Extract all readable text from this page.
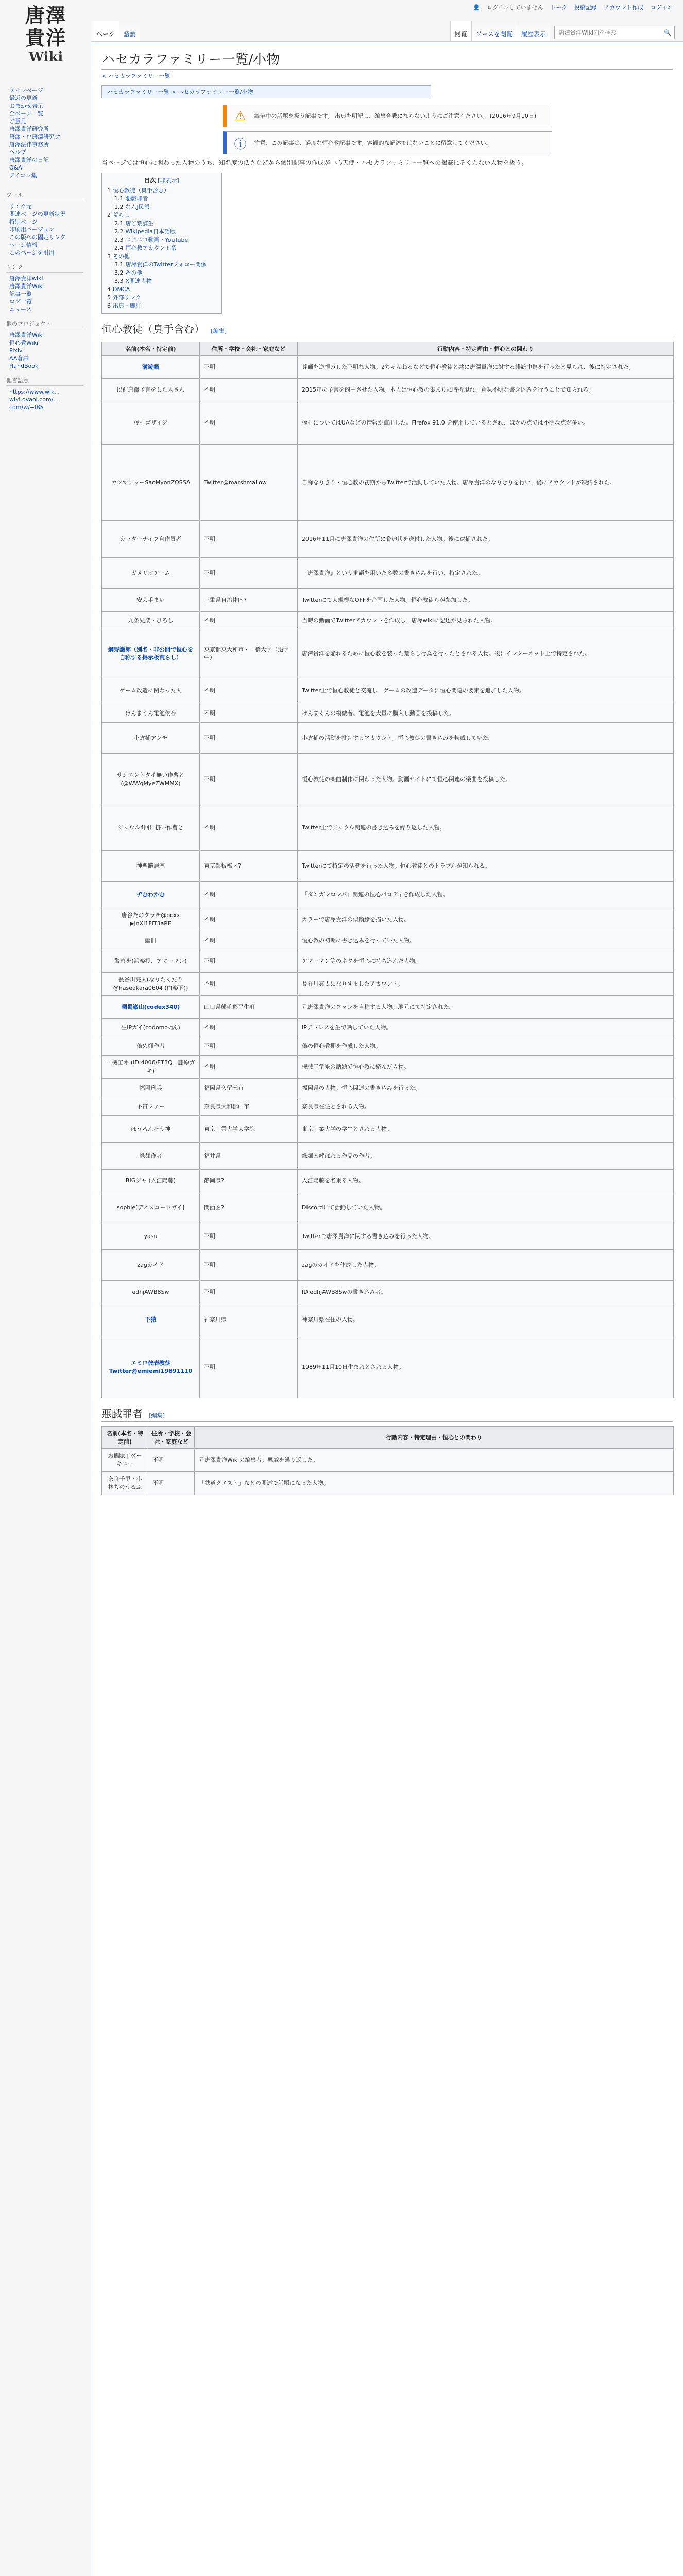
唐澤
貴洋
Wiki
メインページ
最近の更新
おまかせ表示
全ページ一覧
ご意見
唐澤貴洋研究所
唐澤・ロ唐澤研究会
唐澤法律事務所
ヘルプ
唐澤貴洋の日記
Q&A
アイコン集
ツール
リンク元
関連ページの更新状況
特別ページ
印刷用バージョン
この版への固定リンク
ページ情報
このページを引用
リンク
唐澤貴洋wiki
唐澤貴洋Wiki
記事一覧
ログ一覧
ニュース
他のプロジェクト
唐澤貴洋Wiki
恒心教Wiki
Pixiv
AA倉庫
HandBook
他言語版
https://www.wik...
wiki.ovaol.com/...
com/w/+IBS
👤 ログインしていません トーク 投稿記録 アカウント作成 ログイン
ページ	議論	閲覧	ソースを閲覧	履歴表示
唐澤貴洋Wiki内を検索	🔍
ハセカラファミリー一覧/小物
< ハセカラファミリー一覧
ハセカラファミリー一覧 > ハセカラファミリー一覧/小物
⚠	論争中の話題を扱う記事です。 出典を明記し、編集合戦にならないようにご注意ください。 (2016年9月10日)
ⓘ	注意：この記事は、過度な恒心教記事です。客観的な記述ではないことに留意してください。

当ページでは恒心に関わった人物のうち、知名度の低さなどから個別記事の作成が中心天使・ハセカラファミリー一覧への掲載にそぐわない人物を扱う。

目次 [非表示]
1 恒心教徒（臭手含む）
1.1 悪戯罪者
1.2 なんJ民派
2 荒らし
2.1 唐ご荒辞生
2.2 Wikipedia日本語版
2.3 ニコニコ動画・YouTube
2.4 恒心教アカウント系
3 その他
3.1 唐澤貴洋のTwitterフォロー関係
3.2 その他
3.3 X関連人物
4 DMCA
5 外部リンク
6 出典・脚注
恒心教徒（臭手含む） [編集]
名前(本名・特定前)	住所・学校・会社・家庭など	行動内容・特定理由・恒心との関わり
溝遊鍋	不明	尊師を逆恨みした不明な人物。2ちゃんねるなどで恒心教徒と共に唐澤貴洋に対する誹謗中傷を行ったと見られ、後に特定された。
以前唐澤予言をした人さん	不明	2015年の予言を的中させた人物。本人は恒心教の集まりに時折現れ、意味不明な書き込みを行うことで知られる。
極村ゴザイジ	不明	極村についてはUAなどの情報が流出した。Firefox 91.0 を使用しているとされ、ほかの点では不明な点が多い。
カツマシューSaoMyonZOSSA	Twitter@marshmallow	自称なりきり・恒心教の初期からTwitterで活動していた人物。唐澤貴洋のなりきりを行い、後にアカウントが凍結された。
カッターナイフ自作置者	不明	2016年11月に唐澤貴洋の住所に脅迫状を送付した人物。後に逮捕された。
ガメリオアーム	不明	『唐澤貴洋』という単語を用いた多数の書き込みを行い、特定された。
安芸手まい	三重県自治体内?	Twitterにて大規模なOFFを企画した人物。恒心教徒らが参加した。
九条兄楽・ひろし	不明	当時の動画でTwitterアカウントを作成し、唐澤wikiに記述が見られた人物。
網野護郎（別名・非公開で恒心を自称する掲示板荒らし）	東京都東大和市・一橋大学（退学中）	唐澤貴洋を陥れるために恒心教を装った荒らし行為を行ったとされる人物。後にインターネット上で特定された。
ゲーム改造に関わった人	不明	Twitter上で恒心教徒と交流し、ゲームの改造データに恒心関連の要素を追加した人物。
けんまくん電池依存	不明	けんまくんの模倣者。電池を大量に購入し動画を投稿した。
小倉捕アンチ	不明	小倉捕の活動を批判するアカウント。恒心教徒の書き込みを転載していた。
サシエントタイ無い作曹と(@WWqMyeZWMMX)	不明	恒心教徒の楽曲制作に関わった人物。動画サイトにて恒心関連の楽曲を投稿した。
ジュウル4回に掛い作曹と	不明	Twitter上でジュウル関連の書き込みを繰り返した人物。
神聖髄居塞	東京都板橋区?	Twitterにて特定の活動を行った人物。恒心教徒とのトラブルが知られる。
ヂむわかむ	不明	「ダンガンロンパ」関連の恒心パロディを作成した人物。
唐谷たのクラチ@ooxx ▶jnXI1FIT3aRE	不明	カラーで唐澤貴洋の似顔絵を描いた人物。
幽旧	不明	恒心教の初期に書き込みを行っていた人物。
警察を(浜楽投、アマーマン)	不明	アマーマン等のネタを恒心に持ち込んだ人物。
長谷川亮太(なりたくだり@haseakara0604 (白楽下))	不明	長谷川亮太になりすましたアカウント。
晒蜀巌山(codex340)	山口県熊毛郡平生町	元唐澤貴洋のファンを自称する人物。地元にて特定された。
生IPガイ(codomo◁ん)	不明	IPアドレスを生で晒していた人物。
偽め棚作者	不明	偽の恒心教棚を作成した人物。
一機工ヰ (ID:4006/ET3Q、藤原ガキ)	不明	機械工学系の話題で恒心教に絡んだ人物。
福岡刑兵	福岡県久留米市	福岡県の人物。恒心関連の書き込みを行った。
不貫ファー	奈良県大和郡山市	奈良県在住とされる人物。
ほうろんそう神	東京工業大学大学院	東京工業大学の学生とされる人物。
緑麺作者	福井県	緑麺と呼ばれる作品の作者。
BIGジャ (入江陽藤)	静岡県?	入江陽藤を名乗る人物。
sophie[ディスコードガイ]	関西圏?	Discordにて活動していた人物。
yasu	不明	Twitterで唐澤貴洋に関する書き込みを行った人物。
zagガイド	不明	zagのガイドを作成した人物。
edhjAWB8Sw	不明	ID:edhjAWB8Swの書き込み者。
下猿	神奈川県	神奈川県在住の人物。
エミロ彼表教徒 Twitter@emiemi19891110	不明	1989年11月10日生まれとされる人物。
悪戯罪者 [編集]
名前(本名・特定前)	住所・学校・会社・家庭など	行動内容・特定理由・恒心との関わり
お鶴隠子ダーキニー	不明	元唐澤貴洋Wikiの編集者。悪戯を繰り返した。
奈良千里・小林ちのうるふ	不明	「鉄道クエスト」などの関連で話題になった人物。
